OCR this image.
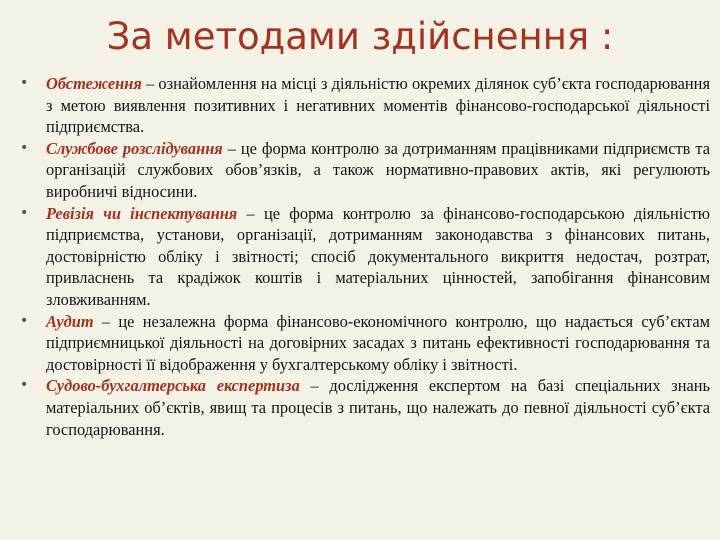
За методами здійснення :
•	Обстеження – ознайомлення на місці з діяльністю окремих ділянок суб’єкта господарювання з метою виявлення позитивних і негативних моментів фінансово-господарської діяльності підприємства.
•	Службове розслідування – це форма контролю за дотриманням працівниками підприємств та організацій службових обов’язків, а також нормативно-правових актів, які регулюють виробничі відносини.
•	Ревізія чи інспектування – це форма контролю за фінансово-господарською діяльністю підприємства, установи, організації, дотриманням законодавства з фінансових питань, достовірністю обліку і звітності; спосіб документального викриття недостач, розтрат, привласнень та крадіжок коштів і матеріальних цінностей, запобігання фінансовим зловживанням.
•	Аудит – це незалежна форма фінансово-економічного контролю, що надається суб’єктам підприємницької діяльності на договірних засадах з питань ефективності господарювання та достовірності її відображення у бухгалтерському обліку і звітності.
•	Судово-бухгалтерська експертиза – дослідження експертом на базі спеціальних знань матеріальних об’єктів, явищ та процесів з питань, що належать до певної діяльності суб’єкта господарювання.
